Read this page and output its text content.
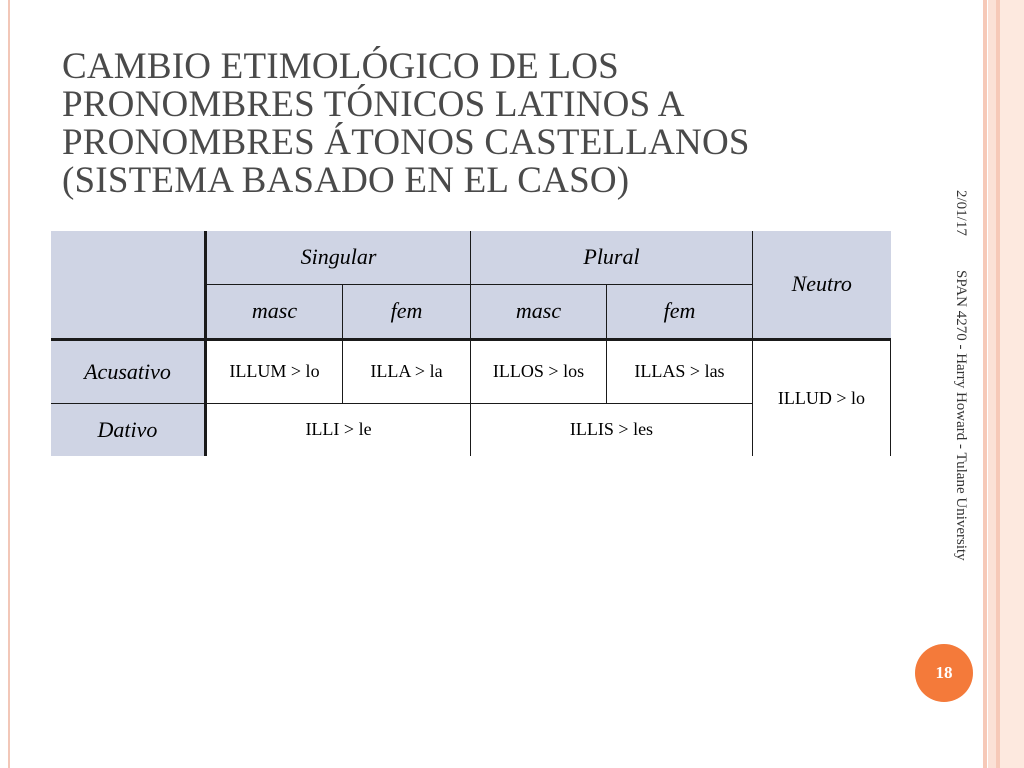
CAMBIO ETIMOLÓGICO DE LOS
PRONOMBRES TÓNICOS LATINOS A
PRONOMBRES ÁTONOS CASTELLANOS
(SISTEMA BASADO EN EL CASO)
	Singular		Plural		Neutro
	masc	fem	masc	fem	
Acusativo	ILLUM > lo	ILLA > la	ILLOS > los	ILLAS > las	ILLUD > lo
Dativo	ILLI > le		ILLIS > les		
2/01/17
SPAN 4270 - Harry Howard - Tulane University
18
